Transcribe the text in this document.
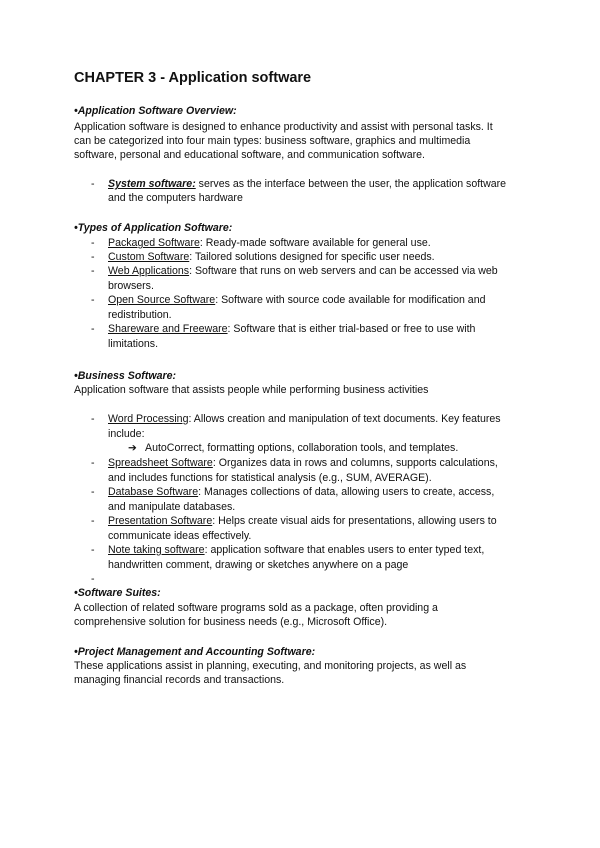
CHAPTER 3 - Application software
•Application Software Overview:
Application software is designed to enhance productivity and assist with personal tasks. It
can be categorized into four main types: business software, graphics and multimedia
software, personal and educational software, and communication software.
- System software: serves as the interface between the user, the application software
and the computers hardware
•Types of Application Software:
- Packaged Software: Ready-made software available for general use.
- Custom Software: Tailored solutions designed for specific user needs.
- Web Applications: Software that runs on web servers and can be accessed via web
browsers.
- Open Source Software: Software with source code available for modification and
redistribution.
- Shareware and Freeware: Software that is either trial-based or free to use with
limitations.
•Business Software:
Application software that assists people while performing business activities
- Word Processing: Allows creation and manipulation of text documents. Key features
include:
- Spreadsheet Software: Organizes data in rows and columns, supports calculations,
and includes functions for statistical analysis (e.g., SUM, AVERAGE).
- Database Software: Manages collections of data, allowing users to create, access,
and manipulate databases.
- Presentation Software: Helps create visual aids for presentations, allowing users to
communicate ideas effectively.
- Note taking software: application software that enables users to enter typed text,
handwritten comment, drawing or sketches anywhere on a page
➔ AutoCorrect, formatting options, collaboration tools, and templates.
-
•Software Suites:
A collection of related software programs sold as a package, often providing a
comprehensive solution for business needs (e.g., Microsoft Office).
•Project Management and Accounting Software:
These applications assist in planning, executing, and monitoring projects, as well as
managing financial records and transactions.
